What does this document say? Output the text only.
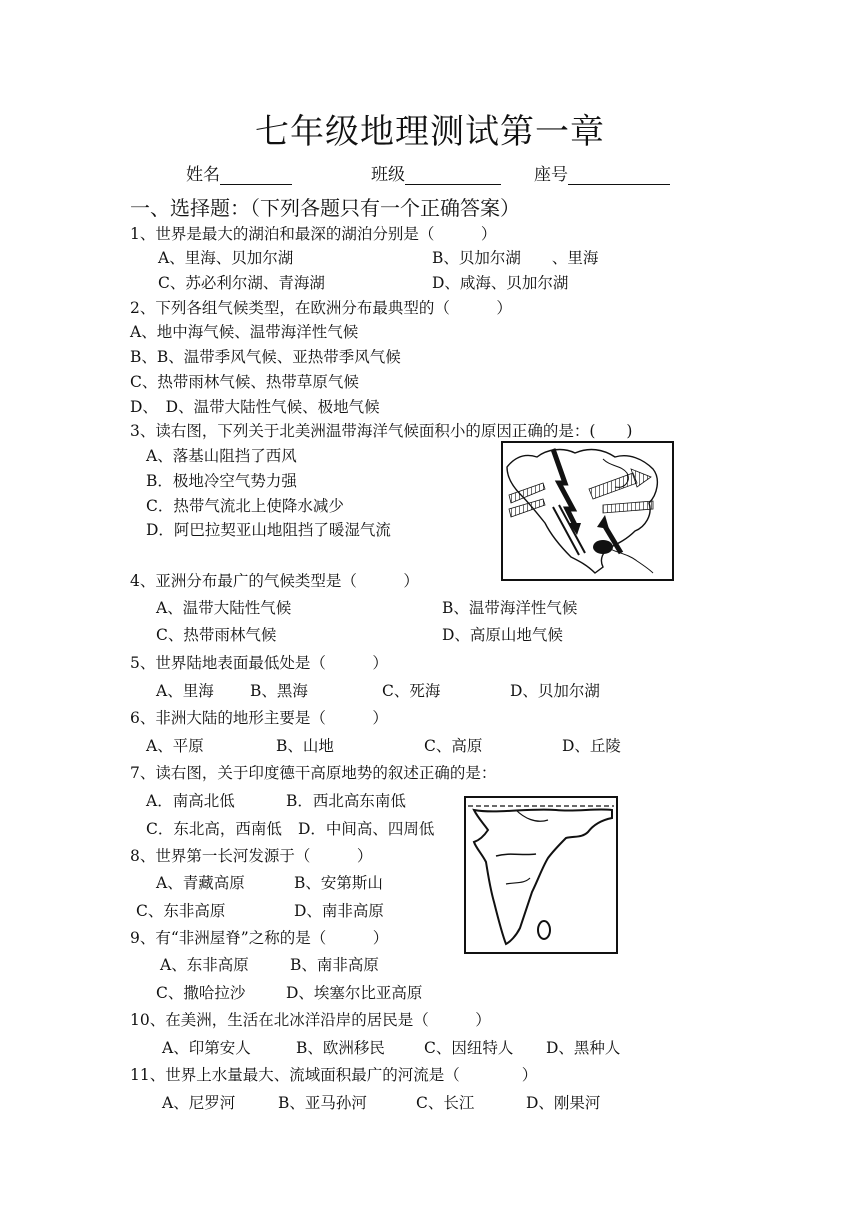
七年级地理测试第一章
姓名	班级	座号
一、选择题：（下列各题只有一个正确答案）
1、世界是最大的湖泊和最深的湖泊分别是（　　　）
A、里海、贝加尔湖	B、贝加尔湖　　、里海
C、苏必利尔湖、青海湖	D、咸海、贝加尔湖
2、下列各组气候类型，在欧洲分布最典型的（　　　）
A、地中海气候、温带海洋性气候
B、B、温带季风气候、亚热带季风气候
C、热带雨林气候、热带草原气候
D、　D、温带大陆性气候、极地气候
3、读右图，下列关于北美洲温带海洋气候面积小的原因正确的是：(　　)
A、落基山阻挡了西风
B．极地冷空气势力强
C．热带气流北上使降水减少
D．阿巴拉契亚山地阻挡了暖湿气流
4、亚洲分布最广的气候类型是（　　　）
A、温带大陆性气候	B、温带海洋性气候
C、热带雨林气候	D、高原山地气候
5、世界陆地表面最低处是（　　　）
A、里海 B、黑海	C、死海	D、贝加尔湖
6、非洲大陆的地形主要是（　　　）
A、平原	B、山地	C、高原	D、丘陵
7、读右图，关于印度德干高原地势的叙述正确的是：
A．南高北低	B．西北高东南低
C．东北高，西南低 D．中间高、四周低
8、世界第一长河发源于（　　　）
A、青藏高原	B、安第斯山
C、东非高原	D、南非高原
9、有“非洲屋脊”之称的是（　　　）
A、东非高原	B、南非高原
C、撒哈拉沙	D、埃塞尔比亚高原
10、在美洲，生活在北冰洋沿岸的居民是（　　　）
A、印第安人	B、欧洲移民	C、因纽特人 D、黑种人
11、世界上水量最大、流域面积最广的河流是（　　　　）
A、尼罗河	B、亚马孙河	C、长江	D、刚果河
